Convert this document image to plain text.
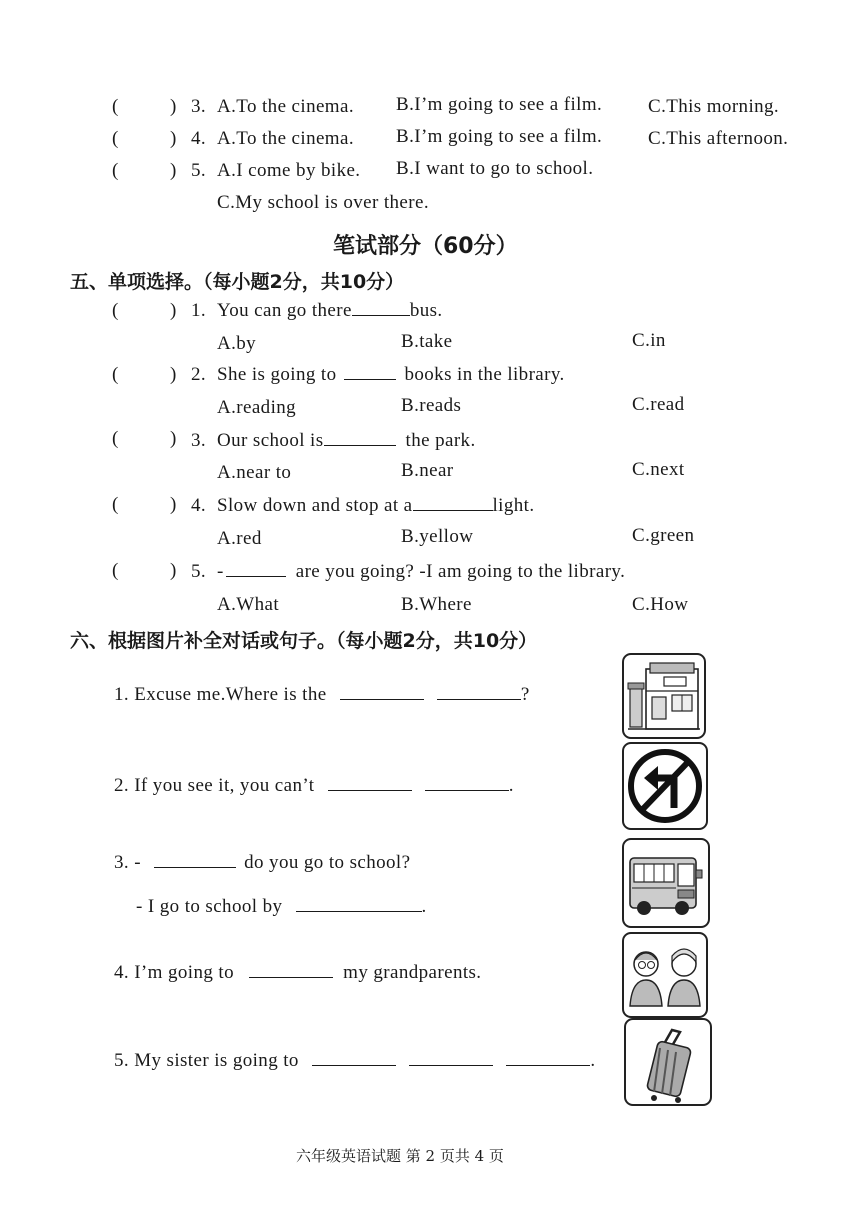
(	) 3. A.To the cinema. B.I’m going to see a film. C.This morning.
(	) 4. A.To the cinema. B.I’m going to see a film. C.This afternoon.
(	) 5. A.I come by bike. B.I want to go to school.
C.My school is over there.
笔试部分（60分）
五、单项选择。（每小题2分，共10分）
(	) 1. You can go there	bus.
A.by	B.take	C.in
(	) 2. She is going to	books in the library.
A.reading	B.reads	C.read
(	) 3. Our school is	the park.
A.near to	B.near	C.next
(	) 4. Slow down and stop at a	light.
A.red	B.yellow	C.green
(	) 5. -	are you going? -I am going to the library.
A.What	B.Where	C.How
六、根据图片补全对话或句子。（每小题2分，共10分）
1. Excuse me.Where is the	?
2. If you see it, you can’t	.
3. -	do you go to school?
- I go to school by	.
4. I’m going to	my grandparents.
5. My sister is going to	.
六年级英语试题 第 2 页共 4 页
